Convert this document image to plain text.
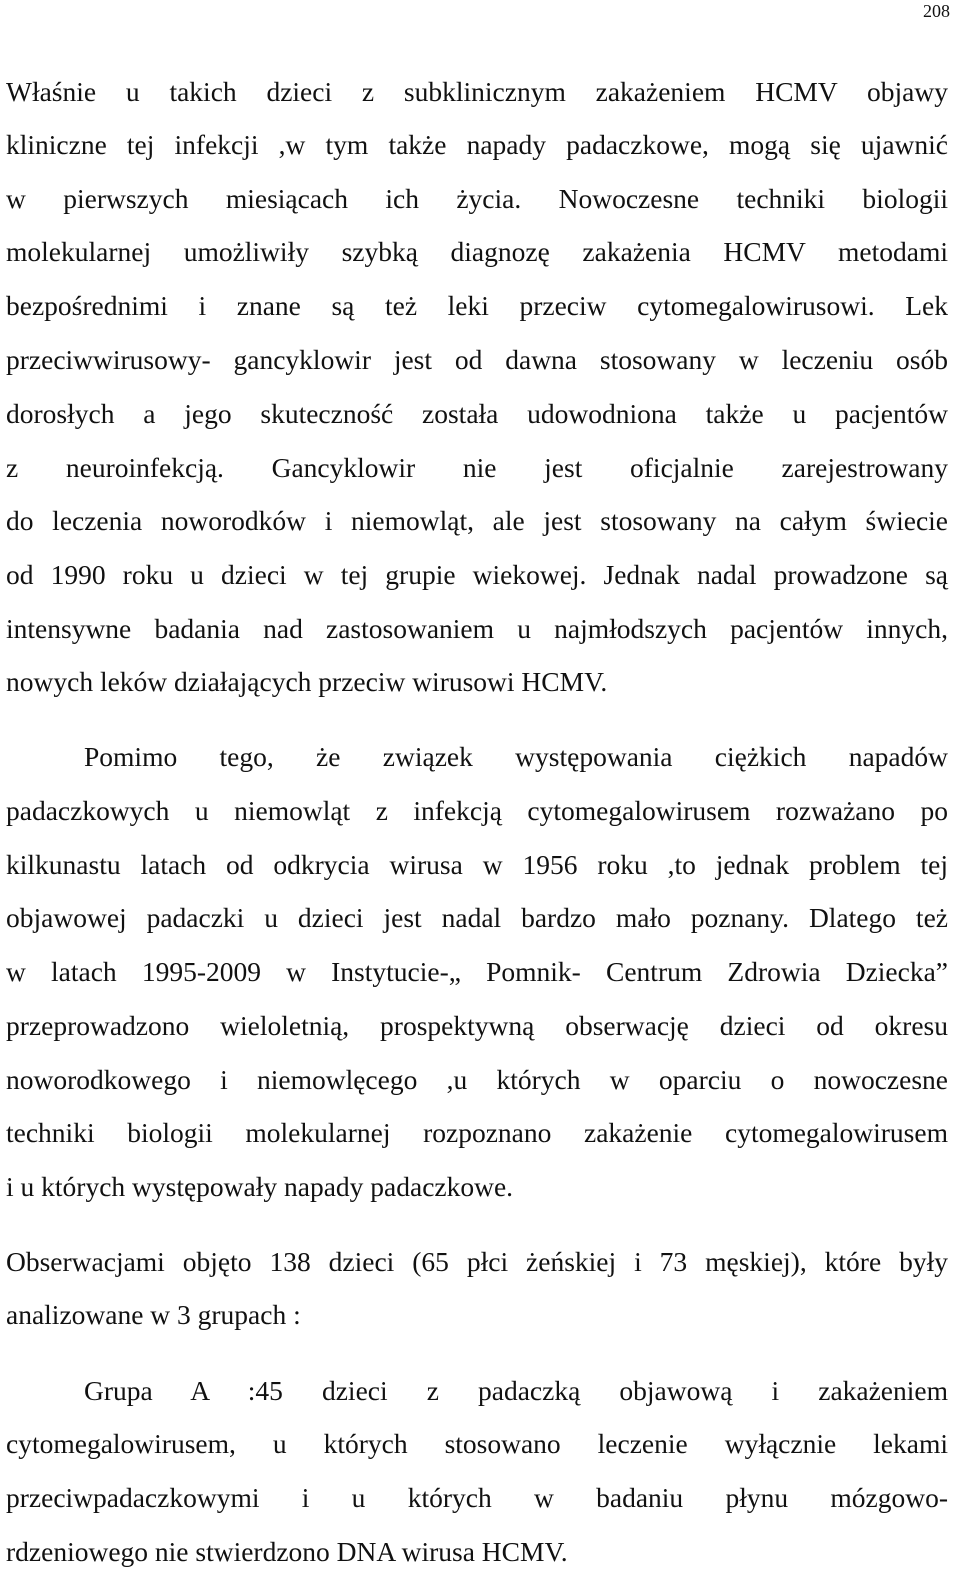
208
Właśnie u takich dzieci z subklinicznym zakażeniem HCMV objawy
kliniczne tej infekcji ,w tym także napady padaczkowe, mogą się ujawnić
w pierwszych miesiącach ich życia. Nowoczesne techniki biologii
molekularnej umożliwiły szybką diagnozę zakażenia HCMV metodami
bezpośrednimi i znane są też leki przeciw cytomegalowirusowi. Lek
przeciwwirusowy- gancyklowir jest od dawna stosowany w leczeniu osób
dorosłych a jego skuteczność została udowodniona także u pacjentów
z neuroinfekcją. Gancyklowir nie jest oficjalnie zarejestrowany
do leczenia noworodków i niemowląt, ale jest stosowany na całym świecie
od 1990 roku u dzieci w tej grupie wiekowej. Jednak nadal prowadzone są
intensywne badania nad zastosowaniem u najmłodszych pacjentów innych,
nowych leków działających przeciw wirusowi HCMV.
Pomimo tego, że związek występowania ciężkich napadów
padaczkowych u niemowląt z infekcją cytomegalowirusem rozważano po
kilkunastu latach od odkrycia wirusa w 1956 roku ,to jednak problem tej
objawowej padaczki u dzieci jest nadal bardzo mało poznany. Dlatego też
w latach 1995-2009 w Instytucie-„ Pomnik- Centrum Zdrowia Dziecka”
przeprowadzono wieloletnią, prospektywną obserwację dzieci od okresu
noworodkowego i niemowlęcego ,u których w oparciu o nowoczesne
techniki biologii molekularnej rozpoznano zakażenie cytomegalowirusem
i u których występowały napady padaczkowe.
Obserwacjami objęto 138 dzieci (65 płci żeńskiej i 73 męskiej), które były
analizowane w 3 grupach :
Grupa A :45 dzieci z padaczką objawową i zakażeniem
cytomegalowirusem, u których stosowano leczenie wyłącznie lekami
przeciwpadaczkowymi i u których w badaniu płynu mózgowo-
rdzeniowego nie stwierdzono DNA wirusa HCMV.
